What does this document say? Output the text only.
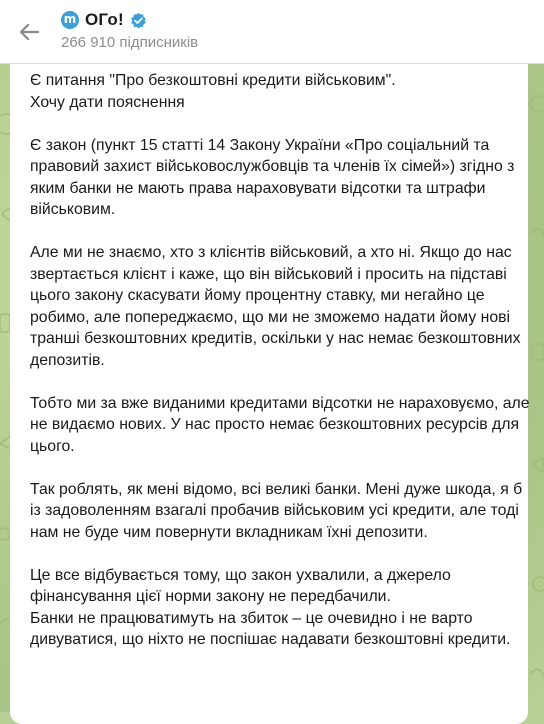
m ОГо!
266 910 підписників

Є питання "Про безкоштовні кредити військовим".
Хочу дати пояснення

Є закон (пункт 15 статті 14 Закону України «Про соціальний та правовий захист військовослужбовців та членів їх сімей») згідно з яким банки не мають права нараховувати відсотки та штрафи військовим.

Але ми не знаємо, хто з клієнтів військовий, а хто ні. Якщо до нас звертається клієнт і каже, що він військовий і просить на підставі цього закону скасувати йому процентну ставку, ми негайно це робимо, але попереджаємо, що ми не зможемо надати йому нові транші безкоштовних кредитів, оскільки у нас немає безкоштовних депозитів.

Тобто ми за вже виданими кредитами відсотки не нараховуємо, але не видаємо нових. У нас просто немає безкоштовних ресурсів для цього.

Так роблять, як мені відомо, всі великі банки. Мені дуже шкода, я б із задоволенням взагалі пробачив військовим усі кредити, але тоді нам не буде чим повернути вкладникам їхні депозити.

Це все відбувається тому, що закон ухвалили, а джерело фінансування цієї норми закону не передбачили.
Банки не працюватимуть на збиток – це очевидно і не варто дивуватися, що ніхто не поспішає надавати безкоштовні кредити.
